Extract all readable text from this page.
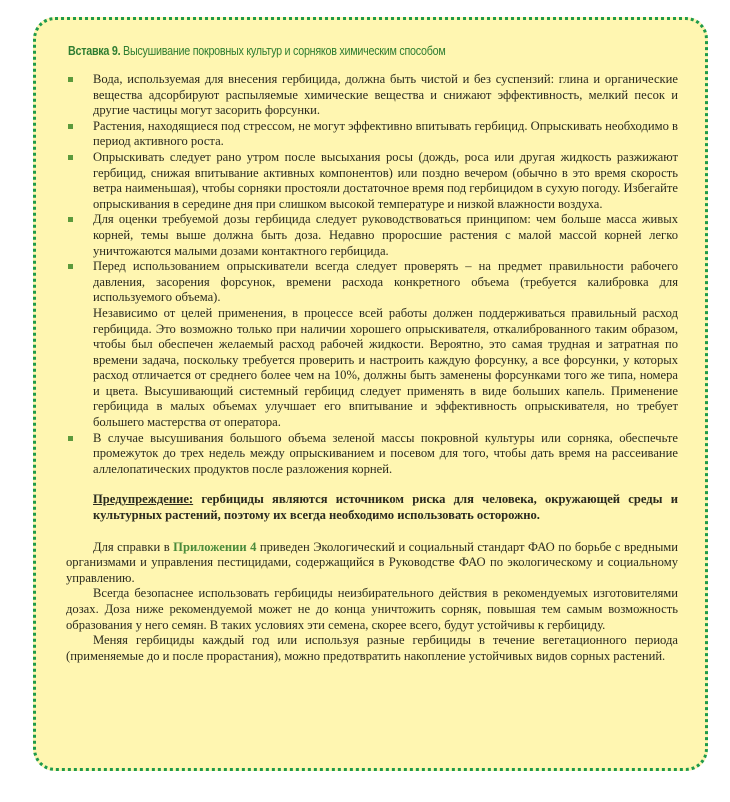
Вставка 9. Высушивание покровных культур и сорняков химическим способом
Вода, используемая для внесения гербицида, должна быть чистой и без суспензий: глина и органические вещества адсорбируют распыляемые химические вещества и снижают эффективность, мелкий песок и другие частицы могут засорить форсунки.
Растения, находящиеся под стрессом, не могут эффективно впитывать гербицид. Опрыскивать необходимо в период активного роста.
Опрыскивать следует рано утром после высыхания росы (дождь, роса или другая жидкость разжижают гербицид, снижая впитывание активных компонентов) или поздно вечером (обычно в это время скорость ветра наименьшая), чтобы сорняки простояли достаточное время под гербицидом в сухую погоду. Избегайте опрыскивания в середине дня при слишком высокой температуре и низкой влажности воздуха.
Для оценки требуемой дозы гербицида следует руководствоваться принципом: чем больше масса живых корней, темы выше должна быть доза. Недавно проросшие растения с малой массой корней легко уничтожаются малыми дозами контактного гербицида.
Перед использованием опрыскиватели всегда следует проверять – на предмет правильности рабочего давления, засорения форсунок, времени расхода конкретного объема (требуется калибровка для используемого объема).
Независимо от целей применения, в процессе всей работы должен поддерживаться правильный расход гербицида. Это возможно только при наличии хорошего опрыскивателя, откалиброванного таким образом, чтобы был обеспечен желаемый расход рабочей жидкости. Вероятно, это самая трудная и затратная по времени задача, поскольку требуется проверить и настроить каждую форсунку, а все форсунки, у которых расход отличается от среднего более чем на 10%, должны быть заменены форсунками того же типа, номера и цвета. Высушивающий системный гербицид следует применять в виде больших капель. Применение гербицида в малых объемах улучшает его впитывание и эффективность опрыскивателя, но требует большего мастерства от оператора.
В случае высушивания большого объема зеленой массы покровной культуры или сорняка, обеспечьте промежуток до трех недель между опрыскиванием и посевом для того, чтобы дать время на рассеивание аллелопатических продуктов после разложения корней.
Предупреждение: гербициды являются источником риска для человека, окружающей среды и культурных растений, поэтому их всегда необходимо использовать осторожно.
Для справки в Приложении 4 приведен Экологический и социальный стандарт ФАО по борьбе с вредными организмами и управления пестицидами, содержащийся в Руководстве ФАО по экологическому и социальному управлению.
Всегда безопаснее использовать гербициды неизбирательного действия в рекомендуемых изготовителями дозах. Доза ниже рекомендуемой может не до конца уничтожить сорняк, повышая тем самым возможность образования у него семян. В таких условиях эти семена, скорее всего, будут устойчивы к гербициду.
Меняя гербициды каждый год или используя разные гербициды в течение вегетационного периода (применяемые до и после прорастания), можно предотвратить накопление устойчивых видов сорных растений.
